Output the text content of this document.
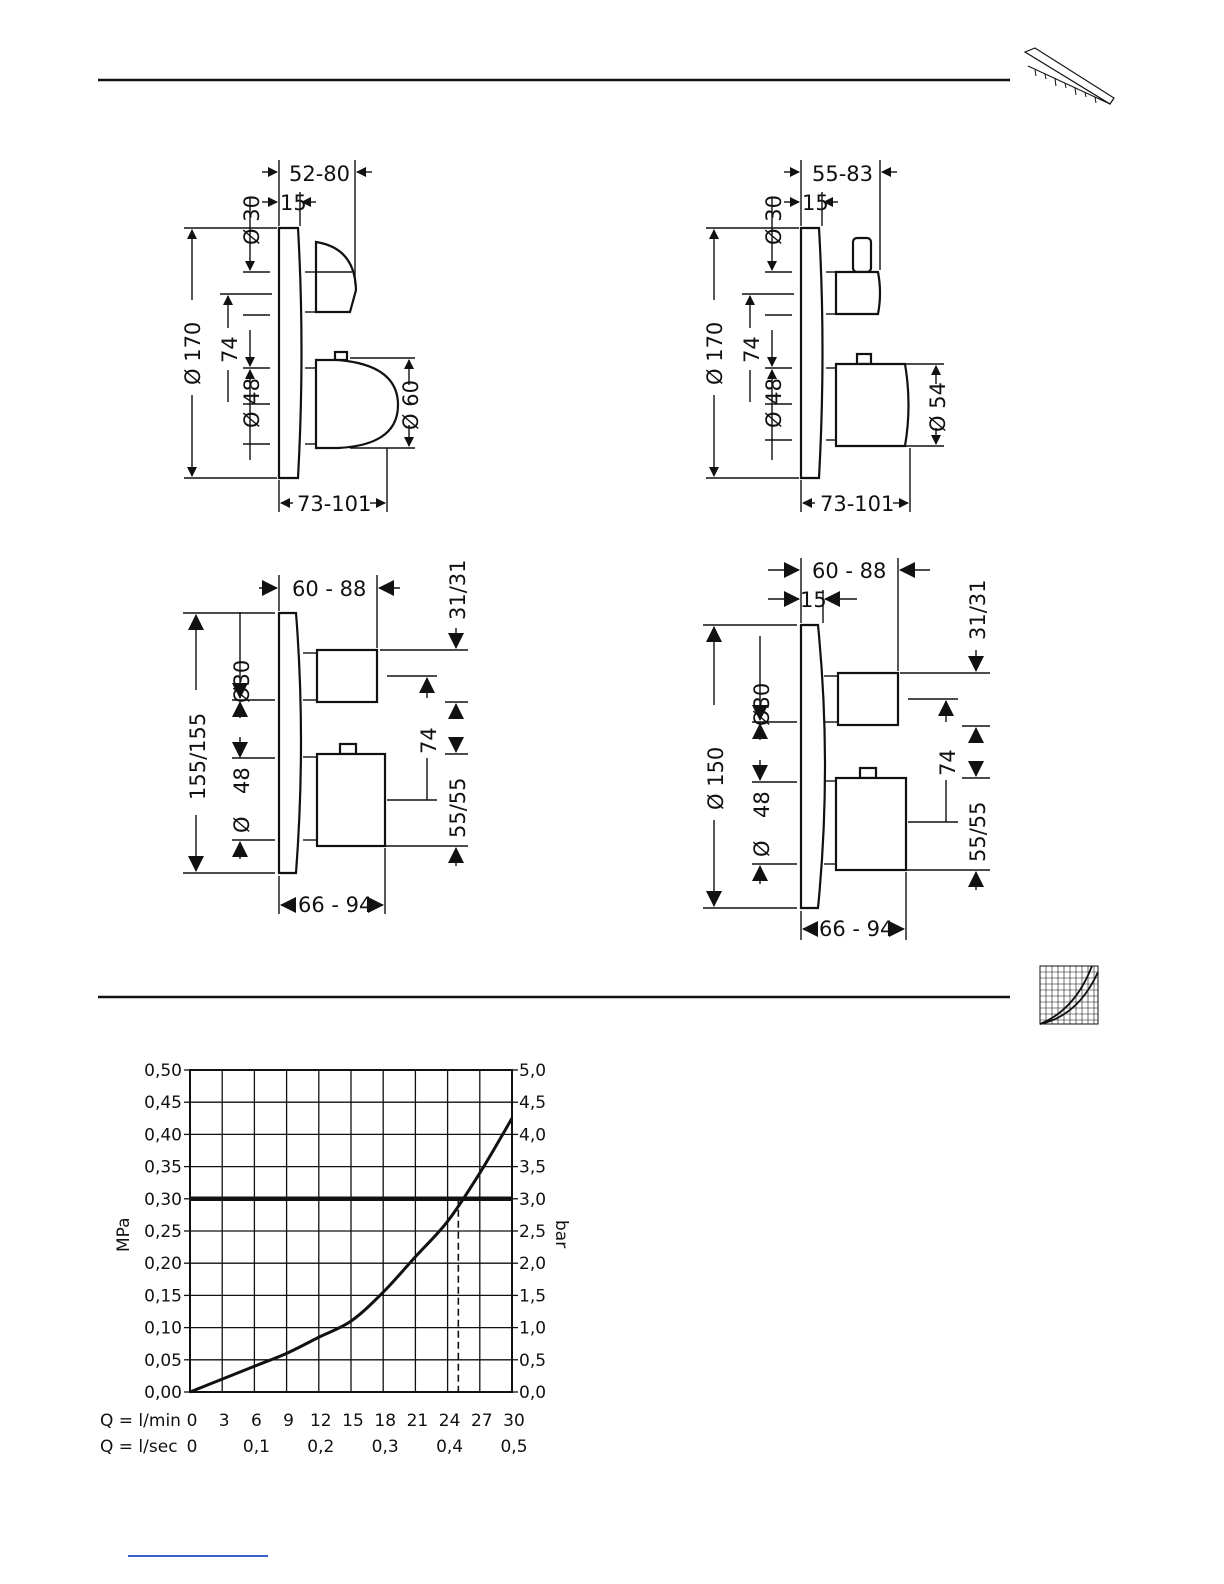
52-80
15
Ø 30
Ø 170 74
Ø 48	Ø 60
73-101
55-83
15
Ø 30
Ø 170 74
Ø 48	Ø 54
73-101
60 - 88	31/31
155/155
Ø30
48
Ø
74
55/55
66 - 94
60 - 88
15	31/31
Ø 150
Ø30
48
Ø
74
55/55
66 - 94
0,50
0,45
0,40
0,35
0,30
0,25
0,20
0,15
0,10
0,05
0,00
5,0
4,5
4,0
3,5
3,0
2,5
2,0
1,5
1,0
0,5
0,0
0 3 6 9 12 15 18 21 24 27 30
0	0,1 0,2 0,3 0,4 0,5
MPa	bar
Q = l/min
Q = l/sec
